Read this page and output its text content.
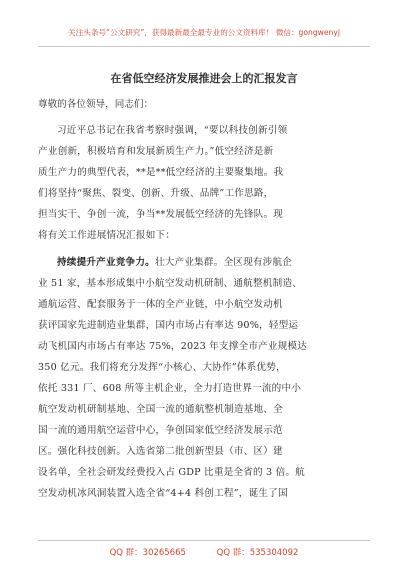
关注头条号“公文研究”，获得最新最全最专业的公文资料库！ 微信：gongwenyj
在省低空经济发展推进会上的汇报发言
尊敬的各位领导，同志们：
习近平总书记在我省考察时强调，“要以科技创新引领
产业创新，积极培育和发展新质生产力。”低空经济是新
质生产力的典型代表，**是**低空经济的主要聚集地。我
们将坚持“聚焦、裂变、创新、升级、品牌”工作思路，
担当实干、争创一流，争当**发展低空经济的先锋队。现
将有关工作进展情况汇报如下：
持续提升产业竞争力。壮大产业集群。全区现有涉航企
业 51 家，基本形成集中小航空发动机研制、通航整机制造、
通航运营、配套服务于一体的全产业链，中小航空发动机
获评国家先进制造业集群，国内市场占有率达 90%，轻型运
动飞机国内市场占有率达 75%，2023 年支撑全市产业规模达
350 亿元。我们将充分发挥“小核心、大协作”体系优势，
依托 331 厂、608 所等主机企业，全力打造世界一流的中小
航空发动机研制基地、全国一流的通航整机制造基地、全
国一流的通用航空运营中心，争创国家低空经济发展示范
区。强化科技创新。入选省第二批创新型县（市、区）建
设名单，全社会研发经费投入占 GDP 比重是全省的 3 倍。航
空发动机冰风洞装置入选全省“4+4 科创工程”，诞生了国
QQ 群：30265665	QQ 群：535304092
